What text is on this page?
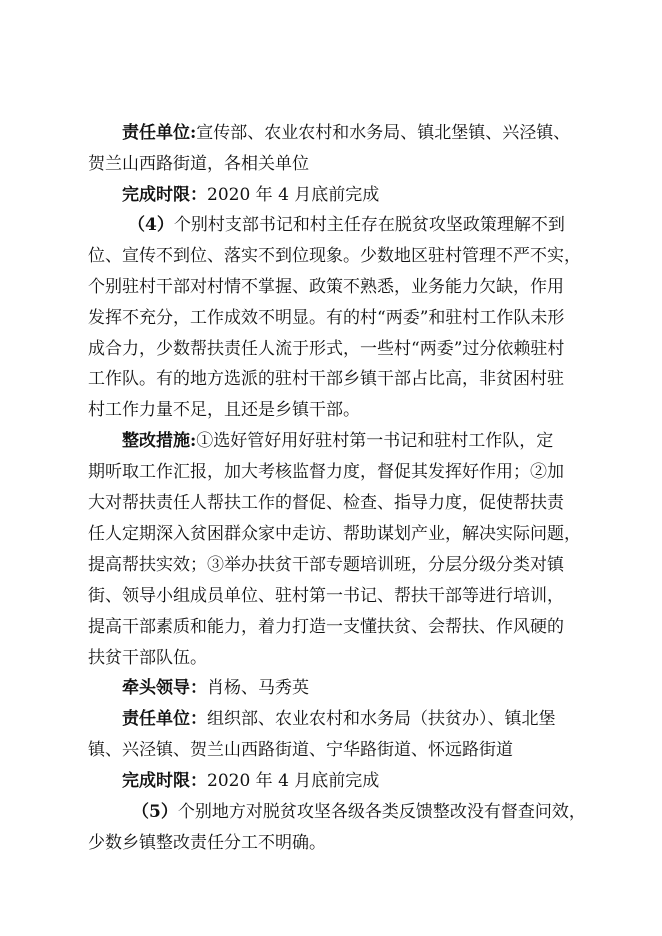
责任单位:宣传部、农业农村和水务局、镇北堡镇、兴泾镇、
贺兰山西路街道，各相关单位
完成时限：2020 年 4 月底前完成
（4）个别村支部书记和村主任存在脱贫攻坚政策理解不到
位、宣传不到位、落实不到位现象。少数地区驻村管理不严不实，
个别驻村干部对村情不掌握、政策不熟悉，业务能力欠缺，作用
发挥不充分，工作成效不明显。有的村“两委”和驻村工作队未形
成合力，少数帮扶责任人流于形式，一些村“两委”过分依赖驻村
工作队。有的地方选派的驻村干部乡镇干部占比高，非贫困村驻
村工作力量不足，且还是乡镇干部。
整改措施:①选好管好用好驻村第一书记和驻村工作队，定
期听取工作汇报，加大考核监督力度，督促其发挥好作用；②加
大对帮扶责任人帮扶工作的督促、检查、指导力度，促使帮扶责
任人定期深入贫困群众家中走访、帮助谋划产业，解决实际问题，
提高帮扶实效；③举办扶贫干部专题培训班，分层分级分类对镇
街、领导小组成员单位、驻村第一书记、帮扶干部等进行培训，
提高干部素质和能力，着力打造一支懂扶贫、会帮扶、作风硬的
扶贫干部队伍。
牵头领导：肖杨、马秀英
责任单位：组织部、农业农村和水务局（扶贫办）、镇北堡
镇、兴泾镇、贺兰山西路街道、宁华路街道、怀远路街道
完成时限：2020 年 4 月底前完成
（5）个别地方对脱贫攻坚各级各类反馈整改没有督查问效，
少数乡镇整改责任分工不明确。
